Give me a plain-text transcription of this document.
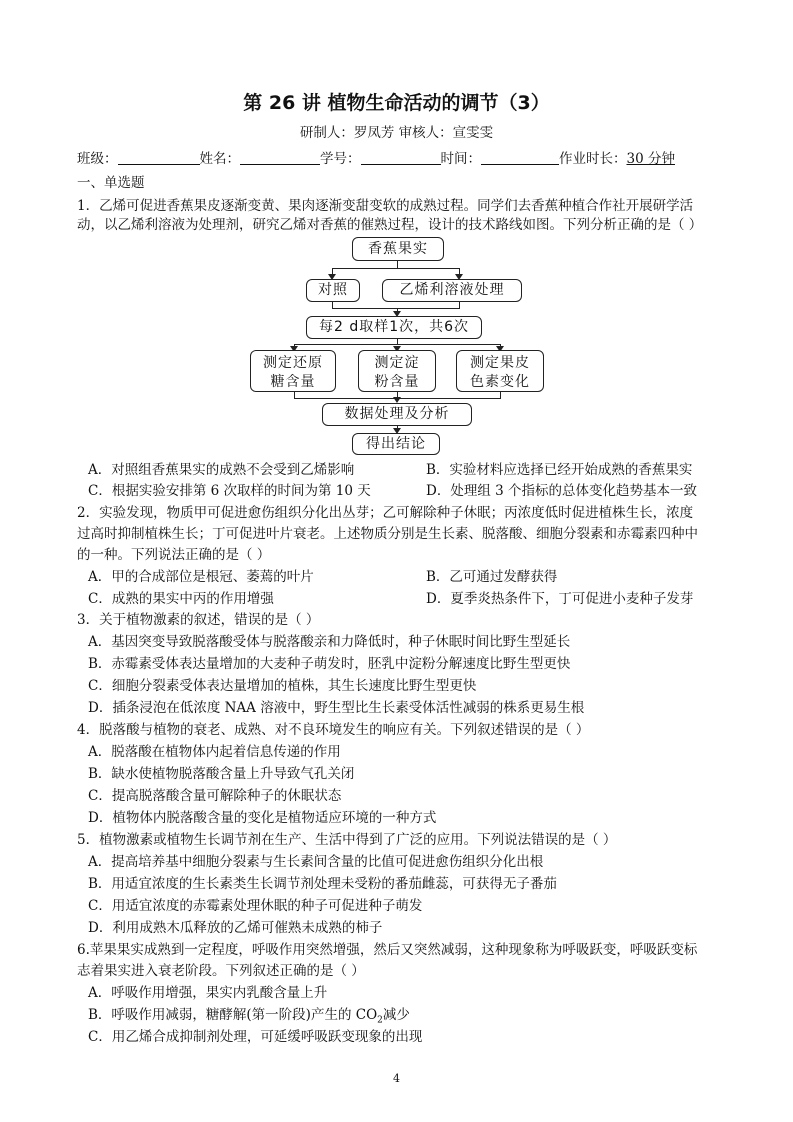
第 26 讲 植物生命活动的调节（3）
研制人：罗凤芳 审核人：宣雯雯
班级：	姓名：	学号：	时间：	作业时长：30 分钟
一、单选题
1．乙烯可促进香蕉果皮逐渐变黄、果肉逐渐变甜变软的成熟过程。同学们去香蕉种植合作社开展研学活
动，以乙烯利溶液为处理剂，研究乙烯对香蕉的催熟过程，设计的技术路线如图。下列分析正确的是（ ）
香蕉果实
对照	乙烯利溶液处理
每2 d取样1次，共6次
测定还原
糖含量
测定淀
粉含量
测定果皮
色素变化
数据处理及分析
得出结论
A．对照组香蕉果实的成熟不会受到乙烯影响	B．实验材料应选择已经开始成熟的香蕉果实
C．根据实验安排第 6 次取样的时间为第 10 天	D．处理组 3 个指标的总体变化趋势基本一致
2．实验发现，物质甲可促进愈伤组织分化出丛芽；乙可解除种子休眠；丙浓度低时促进植株生长，浓度
过高时抑制植株生长；丁可促进叶片衰老。上述物质分别是生长素、脱落酸、细胞分裂素和赤霉素四种中
的一种。下列说法正确的是（ ）
A．甲的合成部位是根冠、萎蔫的叶片	B．乙可通过发酵获得
C．成熟的果实中丙的作用增强	D．夏季炎热条件下，丁可促进小麦种子发芽
3．关于植物激素的叙述，错误的是（ ）
A．基因突变导致脱落酸受体与脱落酸亲和力降低时，种子休眠时间比野生型延长
B．赤霉素受体表达量增加的大麦种子萌发时，胚乳中淀粉分解速度比野生型更快
C．细胞分裂素受体表达量增加的植株，其生长速度比野生型更快
D．插条浸泡在低浓度 NAA 溶液中，野生型比生长素受体活性减弱的株系更易生根
4．脱落酸与植物的衰老、成熟、对不良环境发生的响应有关。下列叙述错误的是（ ）
A．脱落酸在植物体内起着信息传递的作用
B．缺水使植物脱落酸含量上升导致气孔关闭
C．提高脱落酸含量可解除种子的休眠状态
D．植物体内脱落酸含量的变化是植物适应环境的一种方式
5．植物激素或植物生长调节剂在生产、生活中得到了广泛的应用。下列说法错误的是（ ）
A．提高培养基中细胞分裂素与生长素间含量的比值可促进愈伤组织分化出根
B．用适宜浓度的生长素类生长调节剂处理未受粉的番茄雌蕊，可获得无子番茄
C．用适宜浓度的赤霉素处理休眠的种子可促进种子萌发
D．利用成熟木瓜释放的乙烯可催熟未成熟的柿子
6.苹果果实成熟到一定程度，呼吸作用突然增强，然后又突然减弱，这种现象称为呼吸跃变，呼吸跃变标
志着果实进入衰老阶段。下列叙述正确的是（ ）
A．呼吸作用增强，果实内乳酸含量上升
B．呼吸作用减弱，糖酵解(第一阶段)产生的 $CO_2$减少
C．用乙烯合成抑制剂处理，可延缓呼吸跃变现象的出现
4
